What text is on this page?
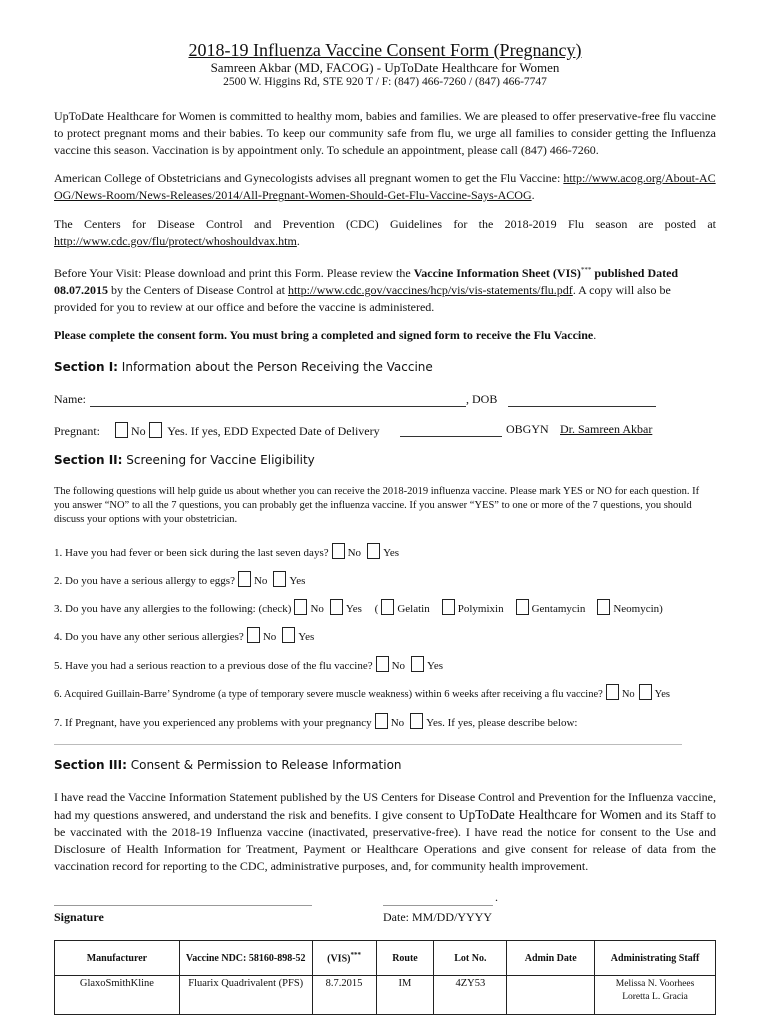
2018-19 Influenza Vaccine Consent Form (Pregnancy)
Samreen Akbar (MD, FACOG) - UpToDate Healthcare for Women
2500 W. Higgins Rd, STE 920 T / F: (847) 466-7260 / (847) 466-7747
UpToDate Healthcare for Women is committed to healthy mom, babies and families. We are pleased to offer preservative-free flu vaccine to protect pregnant moms and their babies. To keep our community safe from flu, we urge all families to consider getting the Influenza vaccine this season. Vaccination is by appointment only. To schedule an appointment, please call (847) 466-7260.
American College of Obstetricians and Gynecologists advises all pregnant women to get the Flu Vaccine: http://www.acog.org/About-ACOG/News-Room/News-Releases/2014/All-Pregnant-Women-Should-Get-Flu-Vaccine-Says-ACOG.
The Centers for Disease Control and Prevention (CDC) Guidelines for the 2018-2019 Flu season are posted at http://www.cdc.gov/flu/protect/whoshouldvax.htm.
Before Your Visit: Please download and print this Form. Please review the Vaccine Information Sheet (VIS)*** published Dated 08.07.2015 by the Centers of Disease Control at http://www.cdc.gov/vaccines/hcp/vis/vis-statements/flu.pdf. A copy will also be provided for you to review at our office and before the vaccine is administered.
Please complete the consent form. You must bring a completed and signed form to receive the Flu Vaccine.
Section I: Information about the Person Receiving the Vaccine
Name:	, DOB
Pregnant:	No Yes. If yes, EDD Expected Date of Delivery	OBGYN Dr. Samreen Akbar
Section II: Screening for Vaccine Eligibility
The following questions will help guide us about whether you can receive the 2018-2019 influenza vaccine. Please mark YES or NO for each question. If you answer “NO” to all the 7 questions, you can probably get the influenza vaccine. If you answer “YES” to one or more of the 7 questions, you should discuss your options with your obstetrician.
1. Have you had fever or been sick during the last seven days? No Yes
2. Do you have a serious allergy to eggs? No Yes
3. Do you have any allergies to the following: (check) No Yes ( Gelatin	Polymixin	Gentamycin	Neomycin)
4. Do you have any other serious allergies? No Yes
5. Have you had a serious reaction to a previous dose of the flu vaccine? No Yes
6. Acquired Guillain-Barre’ Syndrome (a type of temporary severe muscle weakness) within 6 weeks after receiving a flu vaccine? No Yes
7. If Pregnant, have you experienced any problems with your pregnancy No Yes. If yes, please describe below:
Section III: Consent & Permission to Release Information
I have read the Vaccine Information Statement published by the US Centers for Disease Control and Prevention for the Influenza vaccine, had my questions answered, and understand the risk and benefits. I give consent to UpToDate Healthcare for Women and its Staff to be vaccinated with the 2018-19 Influenza vaccine (inactivated, preservative-free). I have read the notice for consent to the Use and Disclosure of Health Information for Treatment, Payment or Healthcare Operations and give consent for release of data from the vaccination record for reporting to the CDC, administrative purposes, and, for community health improvement.
Signature
.
Date: MM/DD/YYYY
Manufacturer	Vaccine NDC: 58160-898-52	(VIS)***	Route	Lot No.	Admin Date	Administrating Staff
GlaxoSmithKline	Fluarix Quadrivalent (PFS)	8.7.2015	IM	4ZY53		Melissa N. Voorhees
Loretta L. Gracia
